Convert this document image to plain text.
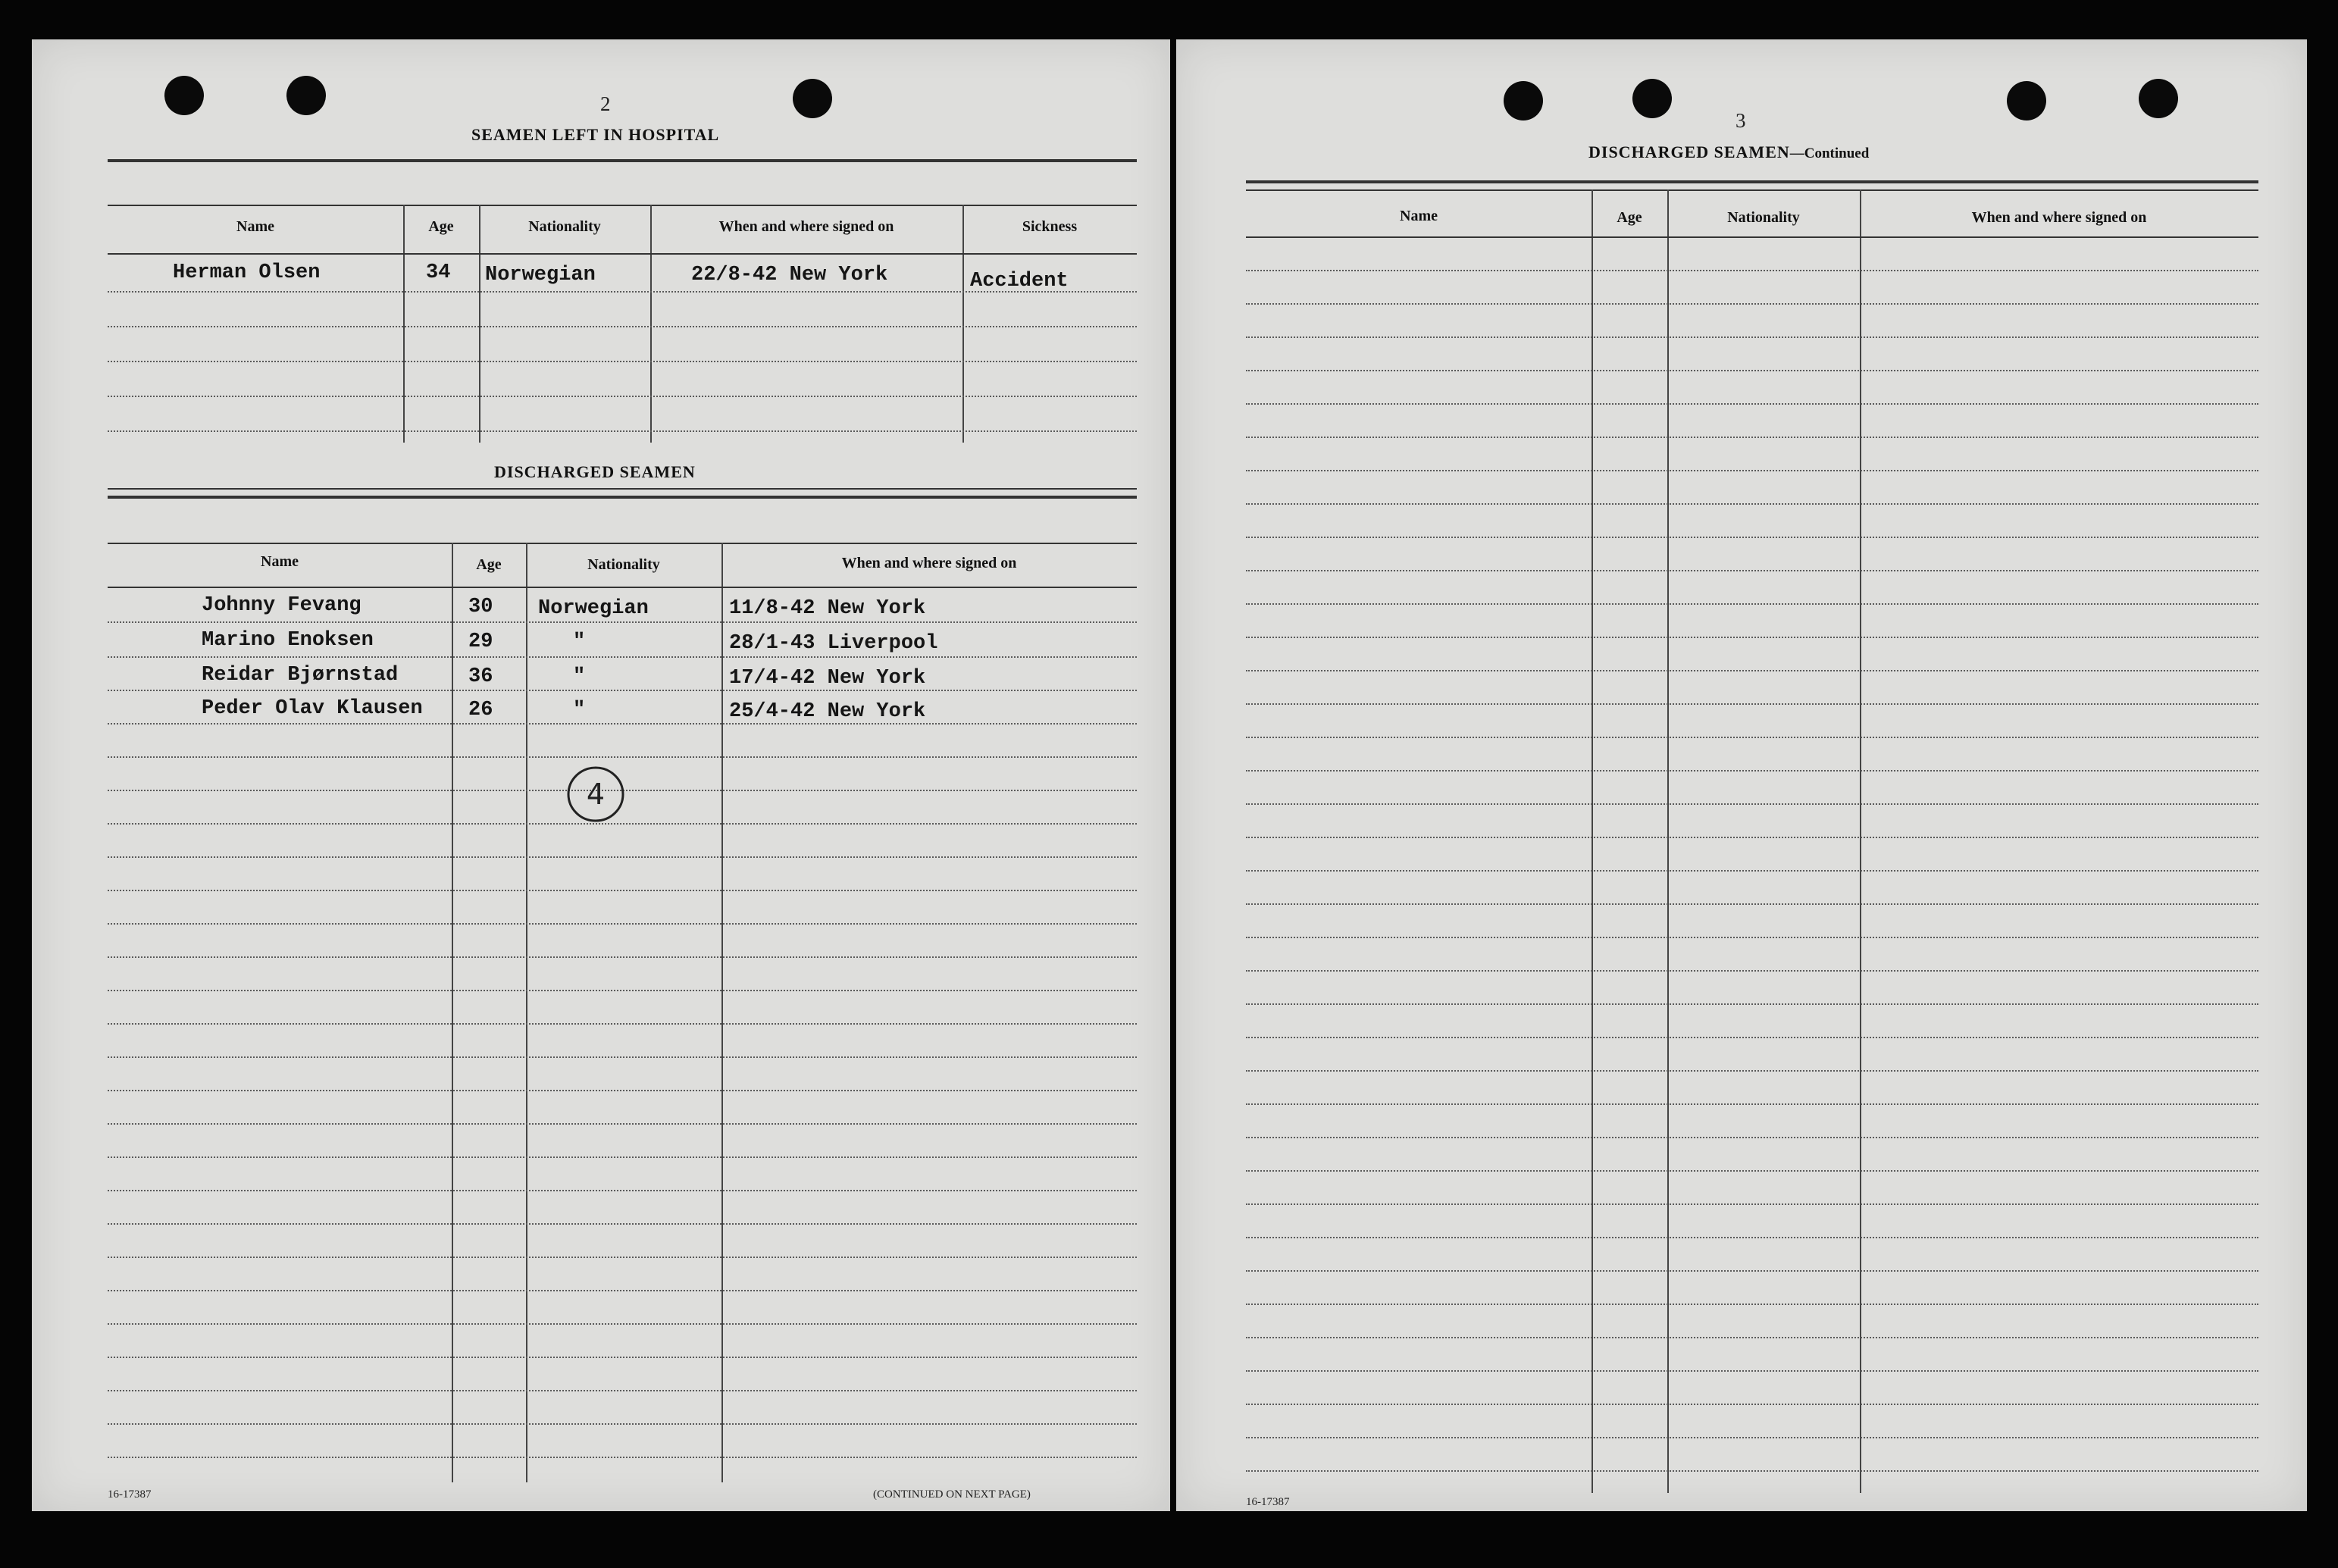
2
SEAMEN LEFT IN HOSPITAL
Name	Age	Nationality	When and where signed on	Sickness
Herman Olsen	34 Norwegian	22/8-42 New York	Accident
DISCHARGED SEAMEN
Name	Age	Nationality	When and where signed on
Johnny Fevang	30 Norwegian	11/8-42 New York
Marino Enoksen	29	"	28/1-43 Liverpool
Reidar Bjørnstad	36	"	17/4-42 New York
Peder Olav Klausen 26	"	25/4-42 New York
4
16-17387	(CONTINUED ON NEXT PAGE)
3
DISCHARGED SEAMEN—Continued
Name	Age	Nationality	When and where signed on
16-17387
